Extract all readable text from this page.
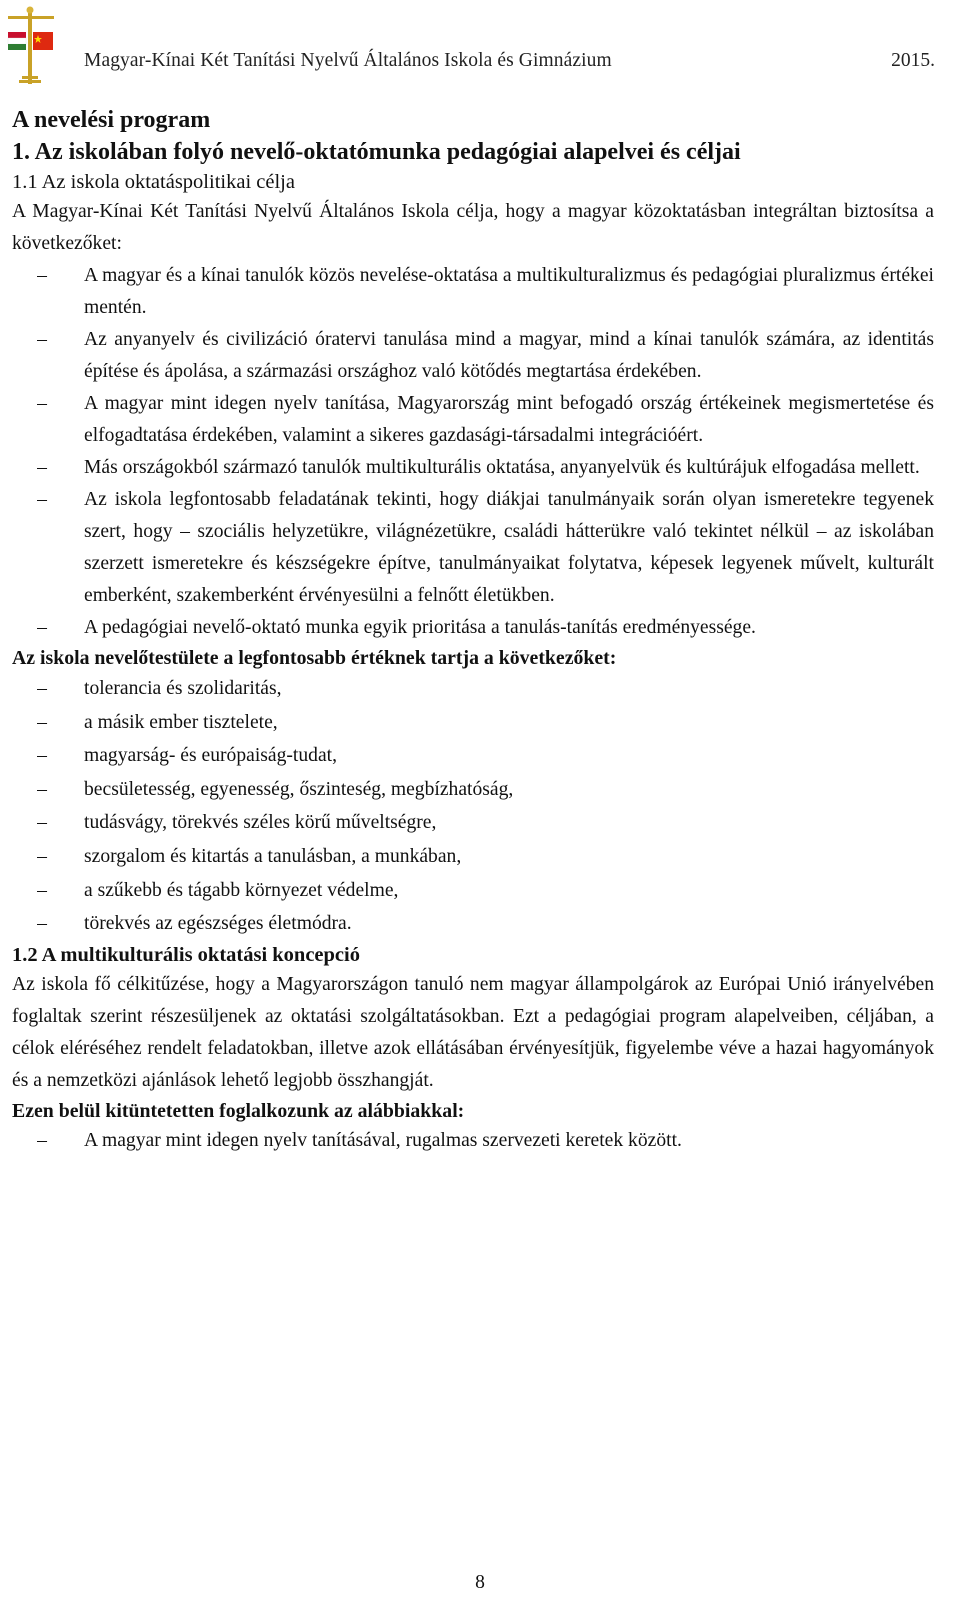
Magyar-Kínai Két Tanítási Nyelvű Általános Iskola és Gimnázium	2015.

A nevelési program

1. Az iskolában folyó nevelő-oktatómunka pedagógiai alapelvei és céljai

1.1 Az iskola oktatáspolitikai célja

A Magyar-Kínai Két Tanítási Nyelvű Általános Iskola célja, hogy a magyar közoktatásban integráltan biztosítsa a következőket:

–	A magyar és a kínai tanulók közös nevelése-oktatása a multikulturalizmus és pedagógiai pluralizmus értékei mentén.
–	Az anyanyelv és civilizáció óratervi tanulása mind a magyar, mind a kínai tanulók számára, az identitás építése és ápolása, a származási országhoz való kötődés megtartása érdekében.
–	A magyar mint idegen nyelv tanítása, Magyarország mint befogadó ország értékeinek megismertetése és elfogadtatása érdekében, valamint a sikeres gazdasági-társadalmi integrációért.
–	Más országokból származó tanulók multikulturális oktatása, anyanyelvük és kultúrájuk elfogadása mellett.
–	Az iskola legfontosabb feladatának tekinti, hogy diákjai tanulmányaik során olyan ismeretekre tegyenek szert, hogy – szociális helyzetükre, világnézetükre, családi hátterükre való tekintet nélkül – az iskolában szerzett ismeretekre és készségekre építve, tanulmányaikat folytatva, képesek legyenek művelt, kulturált emberként, szakemberként érvényesülni a felnőtt életükben.
–	A pedagógiai nevelő-oktató munka egyik prioritása a tanulás-tanítás eredményessége.

Az iskola nevelőtestülete a legfontosabb értéknek tartja a következőket:

–	tolerancia és szolidaritás,
–	a másik ember tisztelete,
–	magyarság- és európaiság-tudat,
–	becsületesség, egyenesség, őszinteség, megbízhatóság,
–	tudásvágy, törekvés széles körű műveltségre,
–	szorgalom és kitartás a tanulásban, a munkában,
–	a szűkebb és tágabb környezet védelme,
–	törekvés az egészséges életmódra.

1.2 A multikulturális oktatási koncepció

Az iskola fő célkitűzése, hogy a Magyarországon tanuló nem magyar állampolgárok az Európai Unió irányelvében foglaltak szerint részesüljenek az oktatási szolgáltatásokban. Ezt a pedagógiai program alapelveiben, céljában, a célok eléréséhez rendelt feladatokban, illetve azok ellátásában érvényesítjük, figyelembe véve a hazai hagyományok és a nemzetközi ajánlások lehető legjobb összhangját.

Ezen belül kitüntetetten foglalkozunk az alábbiakkal:

–	A magyar mint idegen nyelv tanításával, rugalmas szervezeti keretek között.
8
